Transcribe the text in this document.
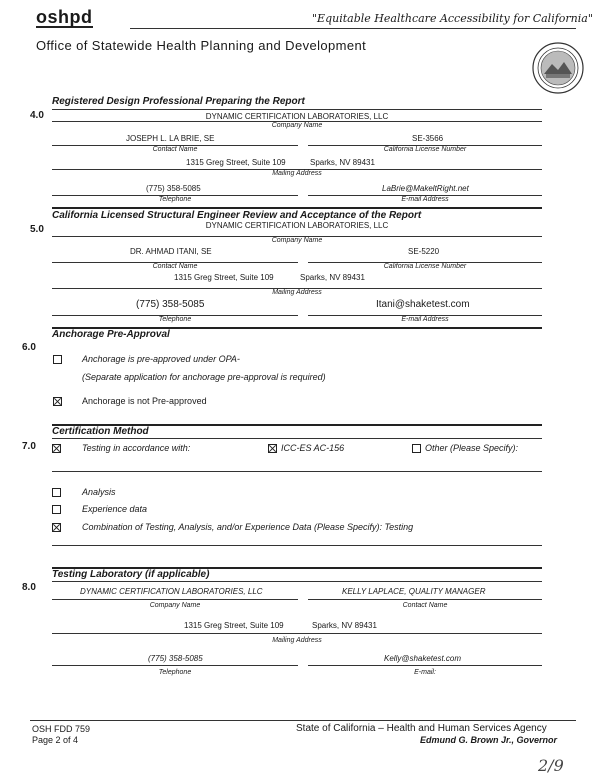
oshpd	"Equitable Healthcare Accessibility for California"
Office of Statewide Health Planning and Development
Registered Design Professional Preparing the Report
4.0	DYNAMIC CERTIFICATION LABORATORIES, LLC
Company Name
JOSEPH L. LA BRIE, SE	SE-3566
Contact Name	California License Number
1315 Greg Street, Suite 109	Sparks, NV 89431
Mailing Address
(775) 358-5085	LaBrie@MakeltRight.net
Telephone	E-mail Address
California Licensed Structural Engineer Review and Acceptance of the Report
5.0	DYNAMIC CERTIFICATION LABORATORIES, LLC
Company Name
DR. AHMAD ITANI, SE	SE-5220
Contact Name	California License Number
1315 Greg Street, Suite 109	Sparks, NV 89431
Mailing Address
(775) 358-5085	Itani@shaketest.com
Telephone	E-mail Address
Anchorage Pre-Approval
6.0
Anchorage is pre-approved under OPA-
(Separate application for anchorage pre-approval is required)
Anchorage is not Pre-approved
Certification Method
7.0	Testing in accordance with:	ICC-ES AC-156	Other (Please Specify):
Analysis
Experience data
Combination of Testing, Analysis, and/or Experience Data (Please Specify): Testing
Testing Laboratory (if applicable)
8.0	DYNAMIC CERTIFICATION LABORATORIES, LLC	KELLY LAPLACE, QUALITY MANAGER
Company Name	Contact Name
1315 Greg Street, Suite 109	Sparks, NV 89431
Mailing Address
(775) 358-5085	Kelly@shaketest.com
Telephone	E-mail:
OSH FDD 759
Page 2 of 4
State of California – Health and Human Services Agency
Edmund G. Brown Jr., Governor
2/9
